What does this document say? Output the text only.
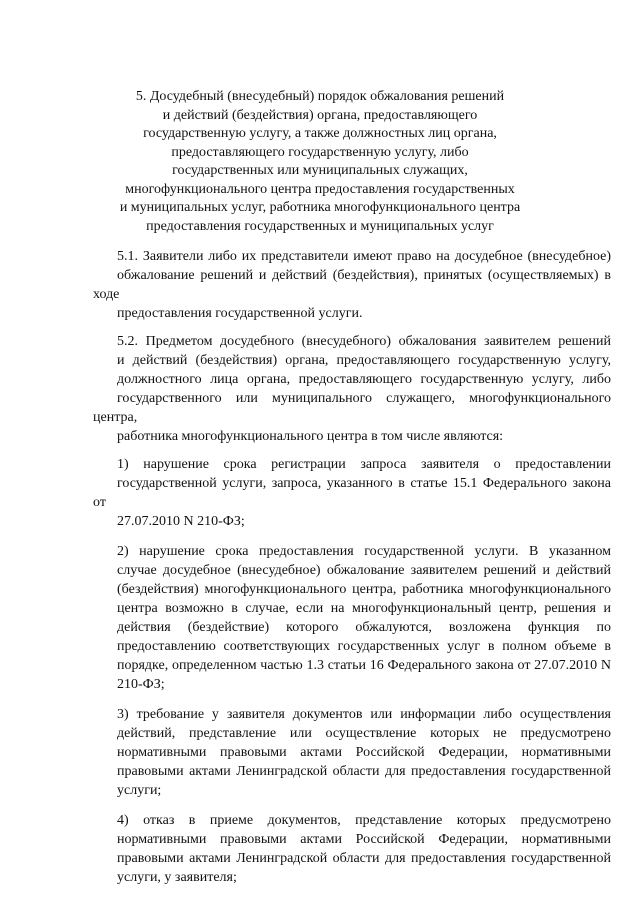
5. Досудебный (внесудебный) порядок обжалования решений
и действий (бездействия) органа, предоставляющего
государственную услугу, а также должностных лиц органа,
предоставляющего государственную услугу, либо
государственных или муниципальных служащих,
многофункционального центра предоставления государственных
и муниципальных услуг, работника многофункционального центра
предоставления государственных и муниципальных услуг
5.1. Заявители либо их представители имеют право на досудебное (внесудебное)
обжалование решений и действий (бездействия), принятых (осуществляемых) в ходе
предоставления государственной услуги.
5.2. Предметом досудебного (внесудебного) обжалования заявителем решений
и действий (бездействия) органа, предоставляющего государственную услугу,
должностного лица органа, предоставляющего государственную услугу, либо
государственного или муниципального служащего, многофункционального центра,
работника многофункционального центра в том числе являются:
1) нарушение срока регистрации запроса заявителя о предоставлении
государственной услуги, запроса, указанного в статье 15.1 Федерального закона от
27.07.2010 N 210-ФЗ;
2) нарушение срока предоставления государственной услуги. В указанном
случае досудебное (внесудебное) обжалование заявителем решений и действий
(бездействия) многофункционального центра, работника многофункционального
центра возможно в случае, если на многофункциональный центр, решения и
действия (бездействие) которого обжалуются, возложена функция по
предоставлению соответствующих государственных услуг в полном объеме в
порядке, определенном частью 1.3 статьи 16 Федерального закона от 27.07.2010 N
210-ФЗ;
3) требование у заявителя документов или информации либо осуществления
действий, представление или осуществление которых не предусмотрено
нормативными правовыми актами Российской Федерации, нормативными
правовыми актами Ленинградской области для предоставления государственной
услуги;
4) отказ в приеме документов, представление которых предусмотрено
нормативными правовыми актами Российской Федерации, нормативными
правовыми актами Ленинградской области для предоставления государственной
услуги, у заявителя;
